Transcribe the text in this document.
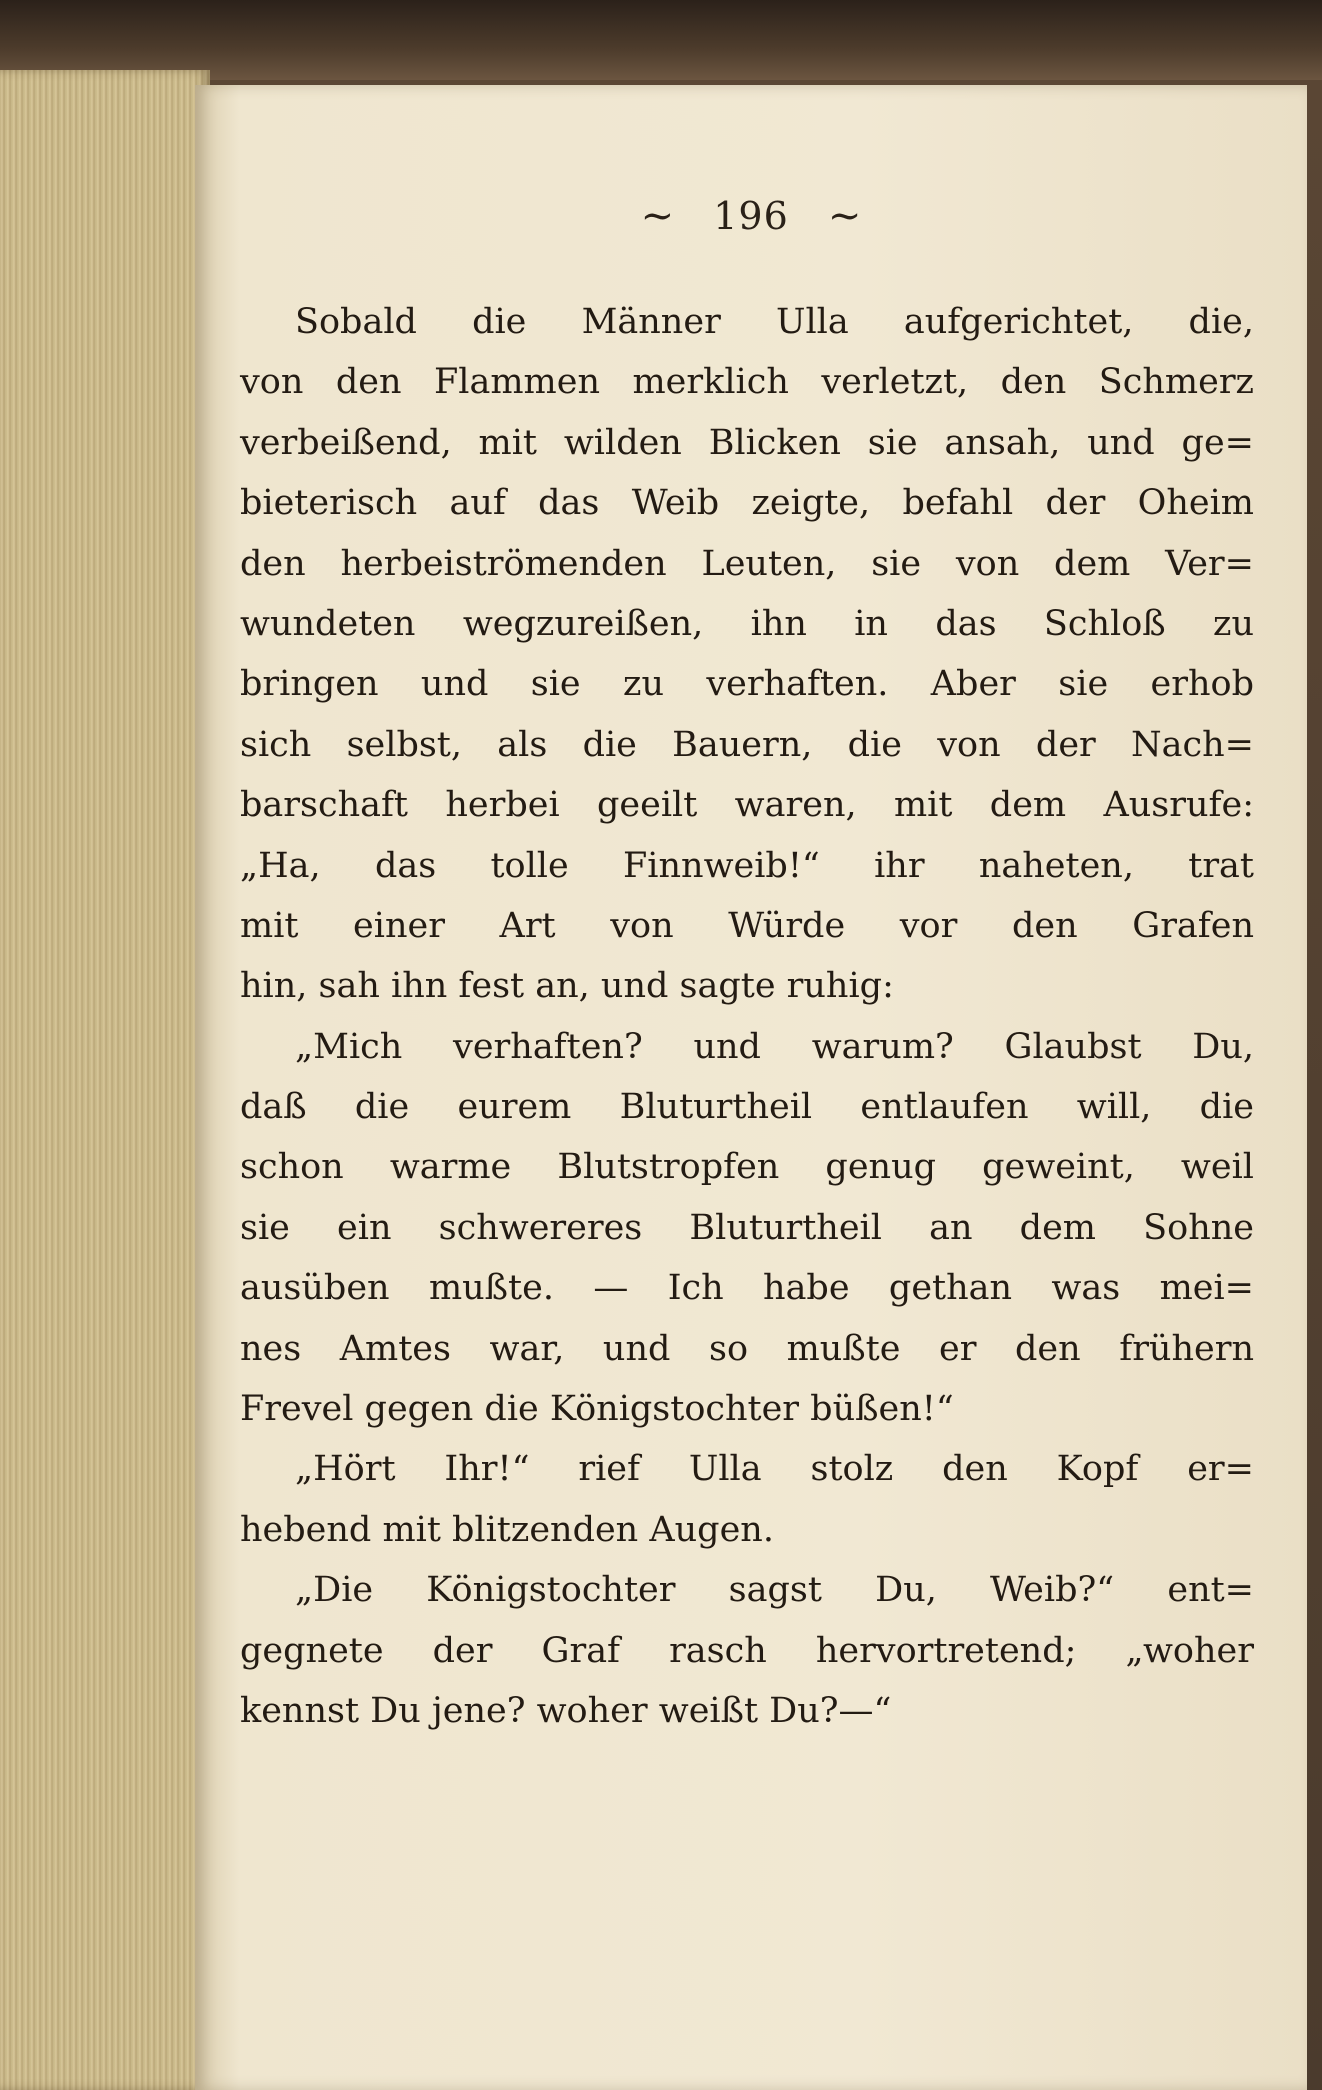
~ 196 ~
Sobald die Männer Ulla aufgerichtet, die,
von den Flammen merklich verletzt, den Schmerz
verbeißend, mit wilden Blicken sie ansah, und ge=
bieterisch auf das Weib zeigte, befahl der Oheim
den herbeiströmenden Leuten, sie von dem Ver=
wundeten wegzureißen, ihn in das Schloß zu
bringen und sie zu verhaften. Aber sie erhob
sich selbst, als die Bauern, die von der Nach=
barschaft herbei geeilt waren, mit dem Ausrufe:
„Ha, das tolle Finnweib!“ ihr naheten, trat
mit einer Art von Würde vor den Grafen
hin, sah ihn fest an, und sagte ruhig:
„Mich verhaften? und warum? Glaubst Du,
daß die eurem Bluturtheil entlaufen will, die
schon warme Blutstropfen genug geweint, weil
sie ein schwereres Bluturtheil an dem Sohne
ausüben mußte. — Ich habe gethan was mei=
nes Amtes war, und so mußte er den frühern
Frevel gegen die Königstochter büßen!“
„Hört Ihr!“ rief Ulla stolz den Kopf er=
hebend mit blitzenden Augen.
„Die Königstochter sagst Du, Weib?“ ent=
gegnete der Graf rasch hervortretend; „woher
kennst Du jene? woher weißt Du?—“
